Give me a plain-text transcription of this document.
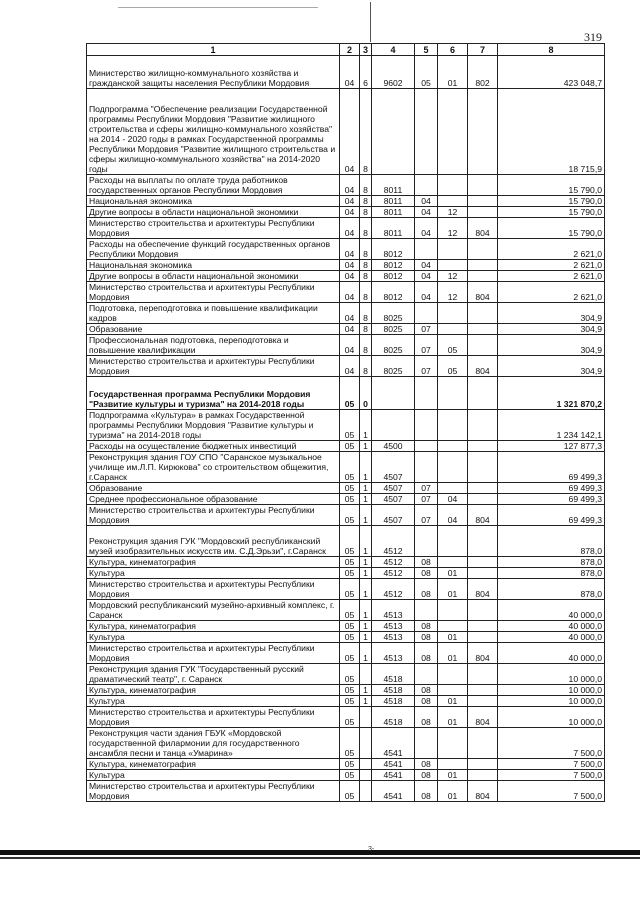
319
1	2	3	4	5	6	7	8
Министерство жилищно-коммунального хозяйства и гражданской защиты населения Республики Мордовия	04	6	9602	05	01	802	423 048,7
Подпрограмма "Обеспечение реализации Государственной программы Республики Мордовия "Развитие жилищного строительства и сферы жилищно-коммунального хозяйства" на 2014 - 2020 годы в рамках Государственной программы Республики Мордовия "Развитие жилищного строительства и сферы жилищно-коммунального хозяйства" на 2014-2020 годы	04	8					18 715,9
Расходы на выплаты по оплате труда работников государственных органов Республики Мордовия	04	8	8011				15 790,0
Национальная экономика	04	8	8011	04			15 790,0
Другие вопросы в области национальной экономики	04	8	8011	04	12		15 790,0
Министерство строительства и архитектуры Республики Мордовия	04	8	8011	04	12	804	15 790,0
Расходы на обеспечение функций государственных органов Республики Мордовия	04	8	8012				2 621,0
Национальная экономика	04	8	8012	04			2 621,0
Другие вопросы в области национальной экономики	04	8	8012	04	12		2 621,0
Министерство строительства и архитектуры Республики Мордовия	04	8	8012	04	12	804	2 621,0
Подготовка, переподготовка и повышение квалификации кадров	04	8	8025				304,9
Образование	04	8	8025	07			304,9
Профессиональная подготовка, переподготовка и повышение квалификации	04	8	8025	07	05		304,9
Министерство строительства и архитектуры Республики Мордовия	04	8	8025	07	05	804	304,9
Государственная программа Республики Мордовия "Развитие культуры и туризма" на 2014-2018 годы	05	0					1 321 870,2
Подпрограмма «Культура» в рамках Государственной программы Республики Мордовия "Развитие культуры и туризма" на 2014-2018 годы	05	1					1 234 142,1
Расходы на осуществление бюджетных инвестиций	05	1	4500				127 877,3
Реконструкция здания ГОУ СПО "Саранское музыкальное училище им.Л.П. Кирюкова" со строительством общежития, г.Саранск	05	1	4507				69 499,3
Образование	05	1	4507	07			69 499,3
Среднее профессиональное образование	05	1	4507	07	04		69 499,3
Министерство строительства и архитектуры Республики Мордовия	05	1	4507	07	04	804	69 499,3
Реконструкция здания ГУК "Мордовский республиканский музей изобразительных искусств им. С.Д.Эрьзи", г.Саранск	05	1	4512				878,0
Культура, кинематография	05	1	4512	08			878,0
Культура	05	1	4512	08	01		878,0
Министерство строительства и архитектуры Республики Мордовия	05	1	4512	08	01	804	878,0
Мордовский республиканский музейно-архивный комплекс, г. Саранск	05	1	4513				40 000,0
Культура, кинематография	05	1	4513	08			40 000,0
Культура	05	1	4513	08	01		40 000,0
Министерство строительства и архитектуры Республики Мордовия	05	1	4513	08	01	804	40 000,0
Реконструкция здания ГУК "Государственный русский драматический театр", г. Саранск	05		4518				10 000,0
Культура, кинематография	05	1	4518	08			10 000,0
Культура	05	1	4518	08	01		10 000,0
Министерство строительства и архитектуры Республики Мордовия	05		4518	08	01	804	10 000,0
Реконструкция части здания ГБУК «Мордовской государственной филармонии для государственного ансамбля песни и танца «Умарина»	05		4541				7 500,0
Культура, кинематография	05		4541	08			7 500,0
Культура	05		4541	08	01		7 500,0
Министерство строительства и архитектуры Республики Мордовия	05		4541	08	01	804	7 500,0
3-
